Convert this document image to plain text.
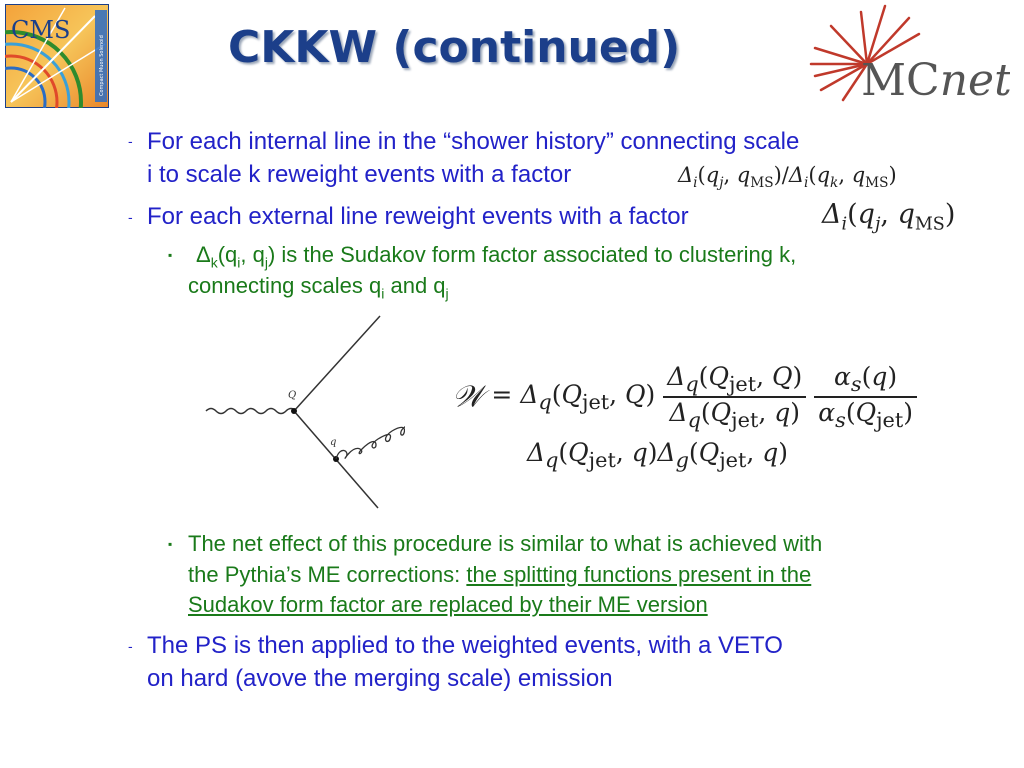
CMS
Compact Muon Solenoid	MCnet
CKKW (continued)
- For each internal line in the “shower history” connecting scale
i to scale k reweight events with a factor	$\Delta_i(q_j$, $q_{MS})/\Delta_i(q_k$, $q_{MS}$)
- For each external line reweight events with a factor	$\Delta_i(q_j$, $q_{MS}$)
▪ $\Delta_k(q_i$, $q_j$) is the Sudakov form factor associated to clustering k,
connecting scales $q_i$ and $q_j$
Q
q
𝒲 = $\Delta_q(Q_{jet}$, $Q) \frac{\Delta_q(Q_{jet}, Q)}{\Delta_q(Q_{jet}, q)}$
$\frac{\alpha_s(q)}{\alpha_s(Q_{jet})}$
$\Delta_q(Q_{jet}$, $q)\Delta_g(Q_{jet}$, q)
▪ The net effect of this procedure is similar to what is achieved with
the Pythia’s ME corrections: the splitting functions present in the
Sudakov form factor are replaced by their ME version
- The PS is then applied to the weighted events, with a VETO
on hard (avove the merging scale) emission
